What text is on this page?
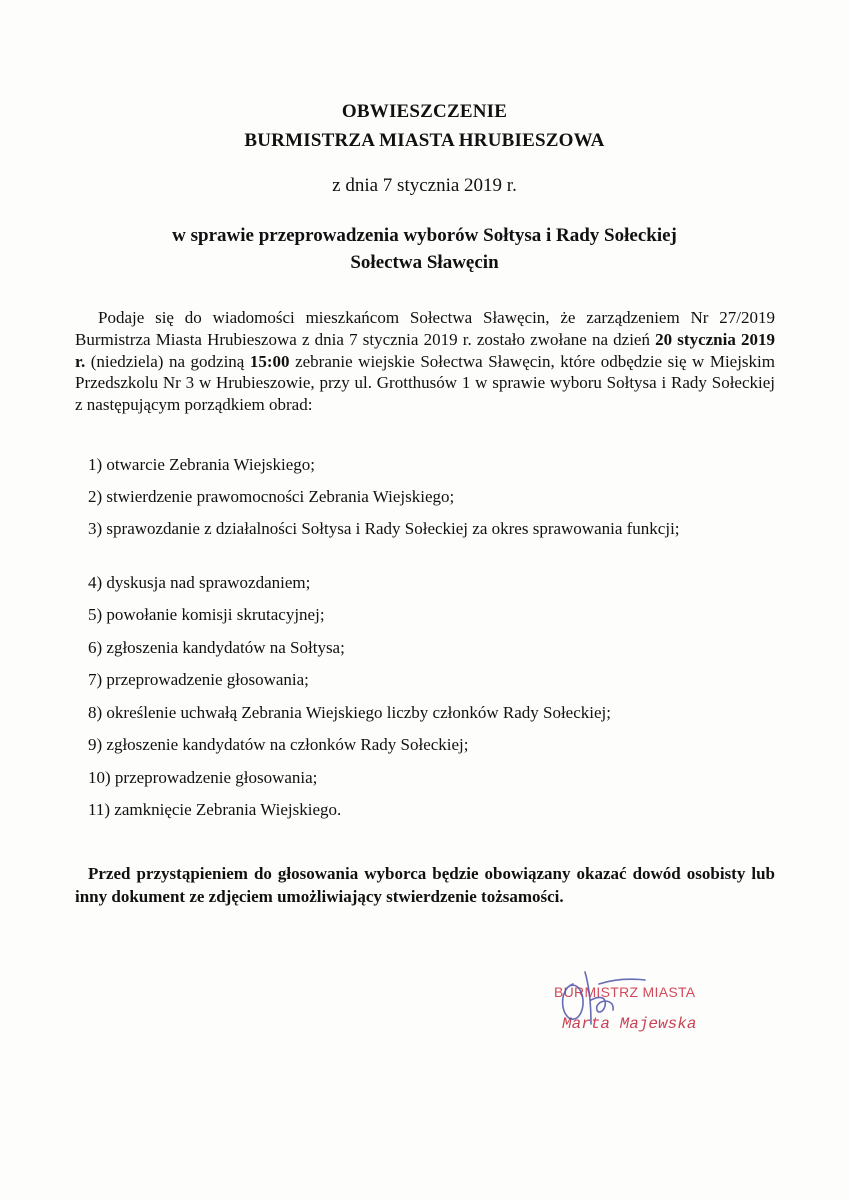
OBWIESZCZENIE
BURMISTRZA MIASTA HRUBIESZOWA
z dnia 7 stycznia 2019 r.
w sprawie przeprowadzenia wyborów Sołtysa i Rady Sołeckiej
Sołectwa Sławęcin
Podaje się do wiadomości mieszkańcom Sołectwa Sławęcin, że zarządzeniem Nr 27/2019 Burmistrza Miasta Hrubieszowa z dnia 7 stycznia 2019 r. zostało zwołane na dzień 20 stycznia 2019 r. (niedziela) na godziną 15:00 zebranie wiejskie Sołectwa Sławęcin, które odbędzie się w Miejskim Przedszkolu Nr 3 w Hrubieszowie, przy ul. Grotthusów 1 w sprawie wyboru Sołtysa i Rady Sołeckiej z następującym porządkiem obrad:
1) otwarcie Zebrania Wiejskiego;
2) stwierdzenie prawomocności Zebrania Wiejskiego;
3) sprawozdanie z działalności Sołtysa i Rady Sołeckiej za okres sprawowania funkcji;
4) dyskusja nad sprawozdaniem;
5) powołanie komisji skrutacyjnej;
6) zgłoszenia kandydatów na Sołtysa;
7) przeprowadzenie głosowania;
8) określenie uchwałą Zebrania Wiejskiego liczby członków Rady Sołeckiej;
9) zgłoszenie kandydatów na członków Rady Sołeckiej;
10) przeprowadzenie głosowania;
11) zamknięcie Zebrania Wiejskiego.
Przed przystąpieniem do głosowania wyborca będzie obowiązany okazać dowód osobisty lub inny dokument ze zdjęciem umożliwiający stwierdzenie tożsamości.
BURMISTRZ MIASTA
Marta Majewska
